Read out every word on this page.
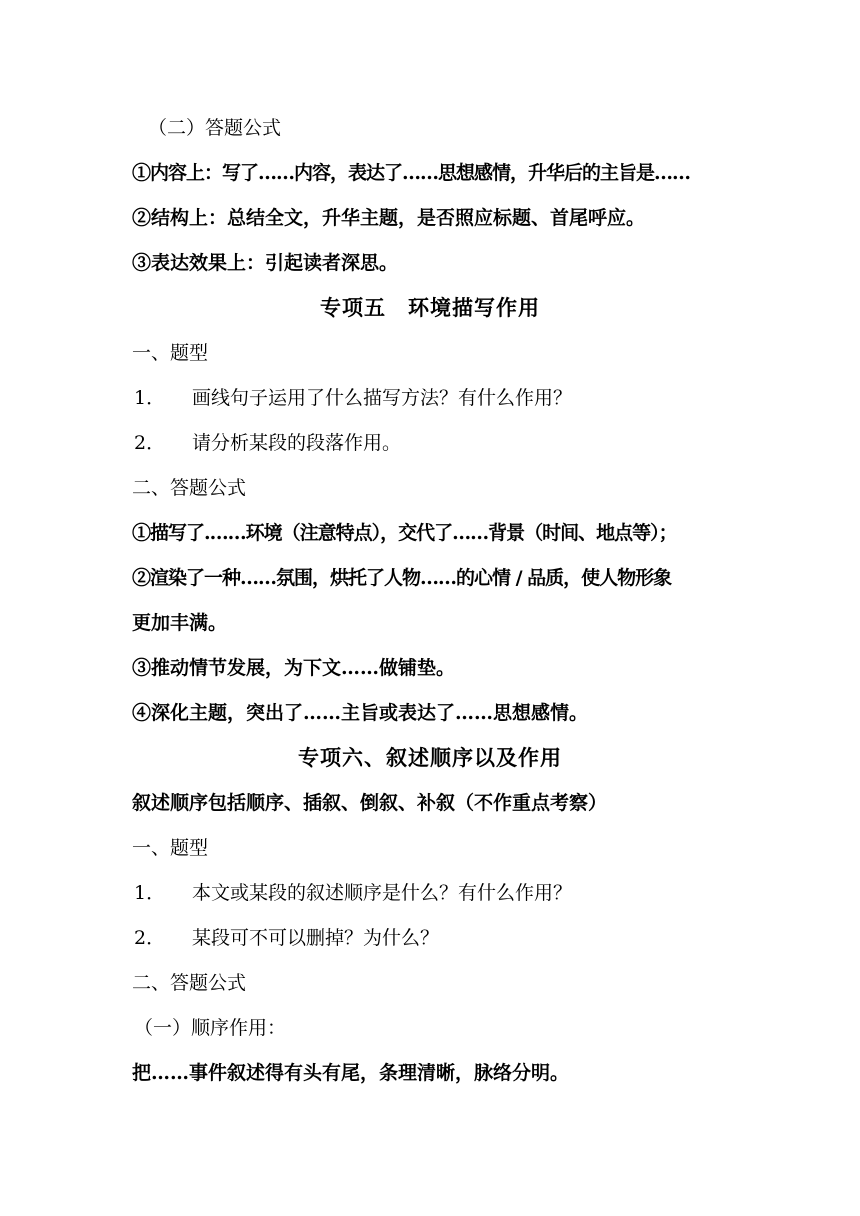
（二）答题公式
①内容上：写了……内容，表达了……思想感情，升华后的主旨是……
②结构上：总结全文，升华主题，是否照应标题、首尾呼应。
③表达效果上：引起读者深思。
专项五　环境描写作用
一、题型
1． 画线句子运用了什么描写方法？有什么作用？
2． 请分析某段的段落作用。
二、答题公式
①描写了.……环境（注意特点），交代了……背景（时间、地点等）；
②渲染了一种……氛围，烘托了人物……的心情 / 品质，使人物形象
更加丰满。
③推动情节发展，为下文……做铺垫。
④深化主题，突出了……主旨或表达了……思想感情。
专项六、叙述顺序以及作用
叙述顺序包括顺序、插叙、倒叙、补叙（不作重点考察）
一、题型
1． 本文或某段的叙述顺序是什么？有什么作用？
2． 某段可不可以删掉？为什么？
二、答题公式
（一）顺序作用：
把……事件叙述得有头有尾，条理清晰，脉络分明。
